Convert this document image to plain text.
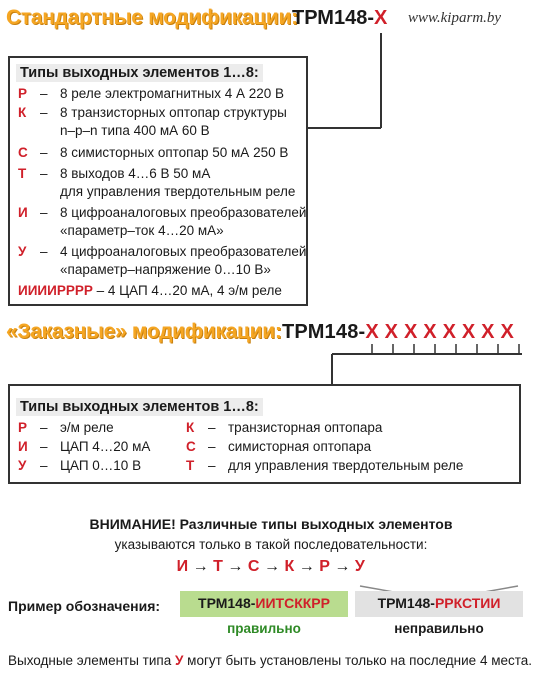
Стандартные модификации:
ТРМ148-Х www.kiparm.by
Типы выходных элементов 1…8:
Р – 8 реле электромагнитных 4 А 220 В
К – 8 транзисторных оптопар структуры
n–p–n типа 400 мА 60 В
С – 8 симисторных оптопар 50 мА 250 В
Т – 8 выходов 4…6 В 50 мА
для управления твердотельным реле
И – 8 цифроаналоговых преобразователей
«параметр–ток 4…20 мА»
У – 4 цифроаналоговых преобразователей
«параметр–напряжение 0…10 В»
ИИИИРРРР – 4 ЦАП 4…20 мА, 4 э/м реле
«Заказные» модификации: ТРМ148-Х Х Х Х Х Х Х Х
Типы выходных элементов 1…8:
Р – э/м реле
И – ЦАП 4…20 мА
У – ЦАП 0…10 В
К – транзисторная оптопара
С – симисторная оптопара
Т – для управления твердотельным реле
ВНИМАНИЕ! Различные типы выходных элементов
указываются только в такой последовательности:
И → Т → С → К → Р → У
Пример обозначения:	ТРМ148-ИИТСККРР	ТРМ148-РРКСТИИ
правильно	неправильно
Выходные элементы типа У могут быть установлены только на последние 4 места.
